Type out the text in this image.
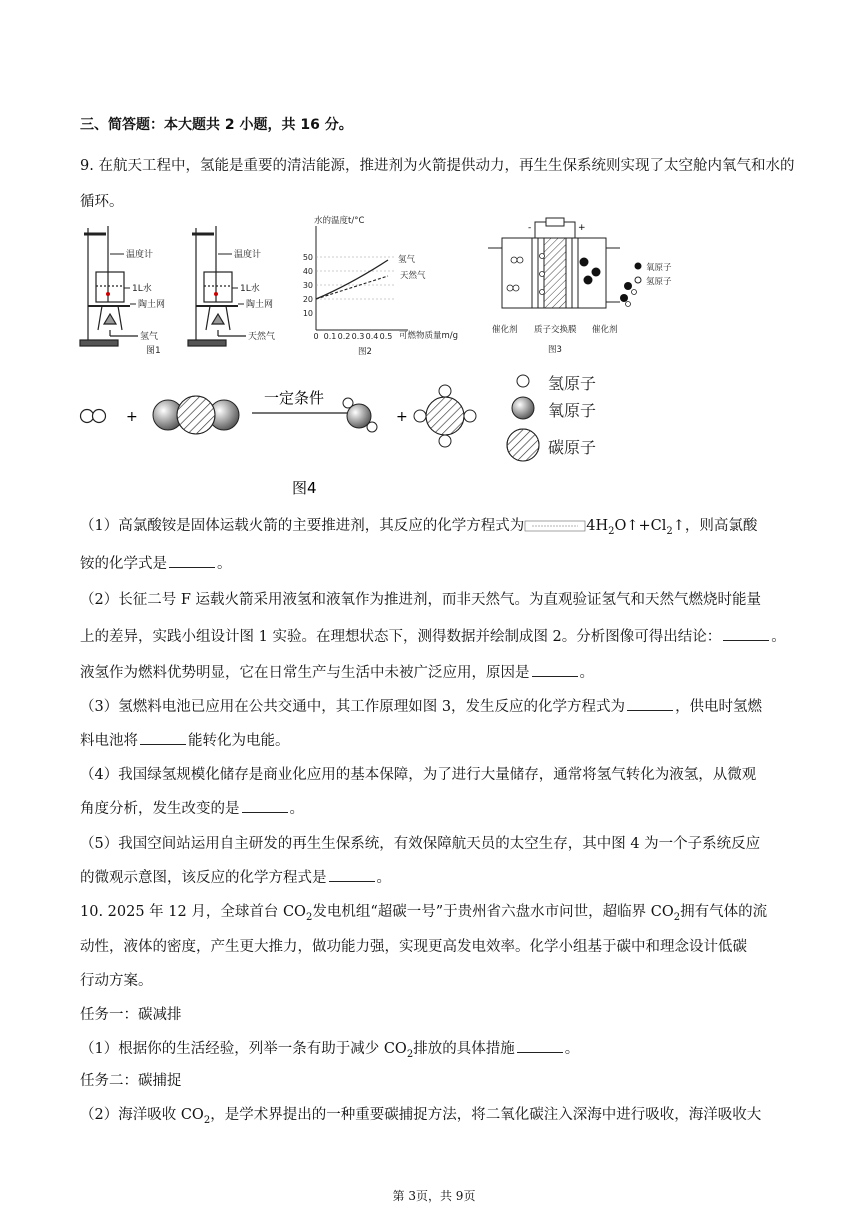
三、简答题：本大题共 2 小题，共 16 分。
9. 在航天工程中，氢能是重要的清洁能源，推进剂为火箭提供动力，再生生保系统则实现了太空舱内氧气和水的循环。
温度计
1L水
陶土网
氢气
温度计
1L水
陶土网
天然气
图1
水的温度t/°C
可燃物质量m/g
图2
50
40
30
20
10
0 0.1 0.2 0.3 0.4 0.5
氢气
天然气
-	+
氧原子
氢原子
催化剂 质子交换膜 催化剂
图3
+
一定条件
+
氢原子
氧原子
碳原子
图4
（1）高氯酸铵是固体运载火箭的主要推进剂，其反应的化学方程式为	$4H_2O↑+Cl_2↑$，则高氯酸
铵的化学式是	。
（2）长征二号 F 运载火箭采用液氢和液氧作为推进剂，而非天然气。为直观验证氢气和天然气燃烧时能量
上的差异，实践小组设计图 1 实验。在理想状态下，测得数据并绘制成图 2。分析图像可得出结论：	。
液氢作为燃料优势明显，它在日常生产与生活中未被广泛应用，原因是	。
（3）氢燃料电池已应用在公共交通中，其工作原理如图 3，发生反应的化学方程式为	，供电时氢燃
料电池将	能转化为电能。
（4）我国绿氢规模化储存是商业化应用的基本保障，为了进行大量储存，通常将氢气转化为液氢，从微观
角度分析，发生改变的是	。
（5）我国空间站运用自主研发的再生生保系统，有效保障航天员的太空生存，其中图 4 为一个子系统反应
的微观示意图，该反应的化学方程式是	。
10. 2025 年 12 月，全球首台 $CO_2$发电机组“超碳一号”于贵州省六盘水市问世，超临界 $CO_2$拥有气体的流
动性，液体的密度，产生更大推力，做功能力强，实现更高发电效率。化学小组基于碳中和理念设计低碳
行动方案。
任务一：碳减排
（1）根据你的生活经验，列举一条有助于减少 $CO_2$排放的具体措施	。
任务二：碳捕捉
（2）海洋吸收 $CO_2$，是学术界提出的一种重要碳捕捉方法，将二氧化碳注入深海中进行吸收，海洋吸收大
第 3页，共 9页
